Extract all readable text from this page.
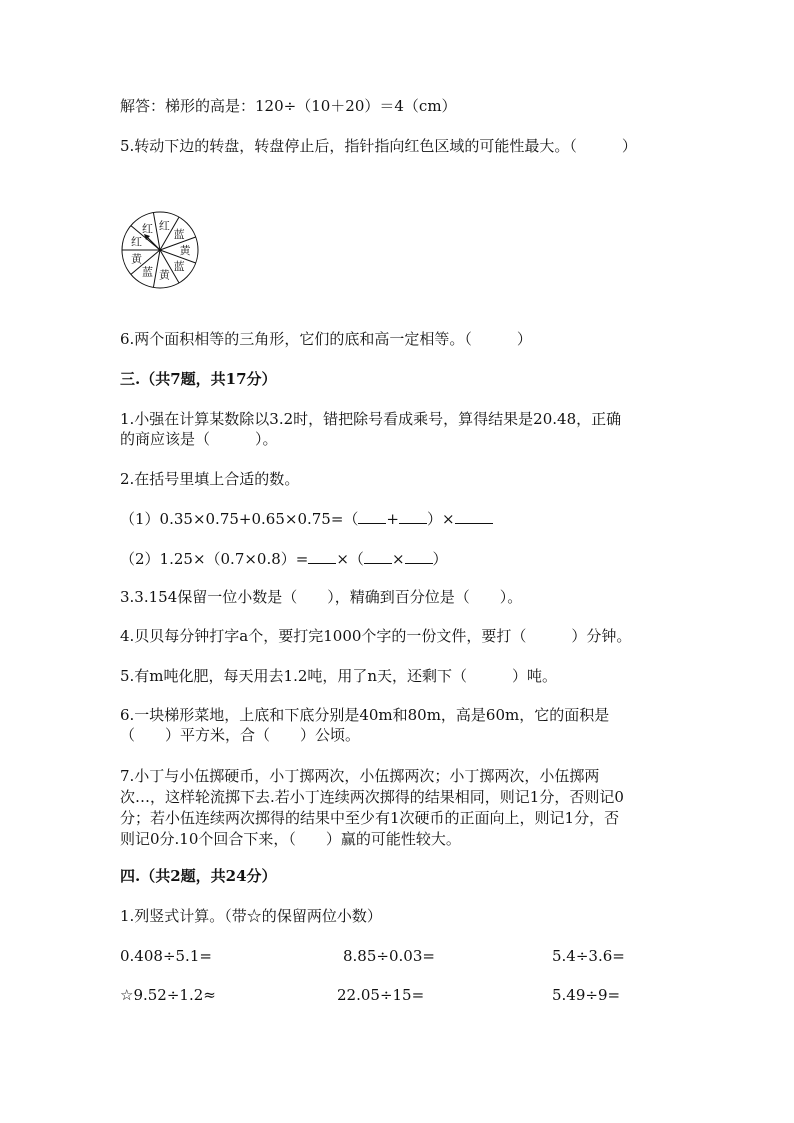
解答：梯形的高是：120÷（10＋20）＝4（cm）
5.转动下边的转盘，转盘停止后，指针指向红色区域的可能性最大。（　　　）
红
蓝
黄
蓝
黄
蓝
黄
红
红
6.两个面积相等的三角形，它们的底和高一定相等。（　　　）
三.（共7题，共17分）
1.小强在计算某数除以3.2时，错把除号看成乘号，算得结果是20.48，正确
的商应该是（　　　）。
2.在括号里填上合适的数。
（1）0.35×0.75+0.65×0.75=（ + ）×
（2）1.25×（0.7×0.8）= ×（ × ）
3.3.154保留一位小数是（　　），精确到百分位是（　　）。
4.贝贝每分钟打字a个，要打完1000个字的一份文件，要打（　　　）分钟。
5.有m吨化肥，每天用去1.2吨，用了n天，还剩下（　　　）吨。
6.一块梯形菜地，上底和下底分别是40m和80m，高是60m，它的面积是
（　　）平方米，合（　　）公顷。
7.小丁与小伍掷硬币，小丁掷两次，小伍掷两次；小丁掷两次，小伍掷两
次…，这样轮流掷下去.若小丁连续两次掷得的结果相同，则记1分，否则记0
分；若小伍连续两次掷得的结果中至少有1次硬币的正面向上，则记1分，否
则记0分.10个回合下来，（　　）赢的可能性较大。
四.（共2题，共24分）
1.列竖式计算。（带☆的保留两位小数）
0.408÷5.1=	8.85÷0.03=	5.4÷3.6=
☆9.52÷1.2≈	22.05÷15=	5.49÷9=
